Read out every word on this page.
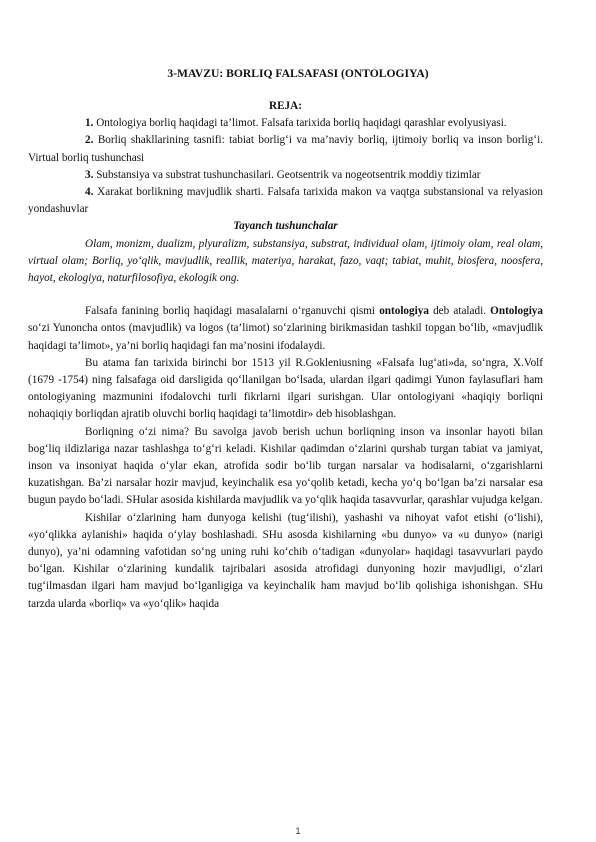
3-MAVZU: BORLIQ FALSAFASI (ONTOLOGIYA)
REJA:

1. Ontologiya borliq haqidagi ta’limot. Falsafa tarixida borliq haqidagi qarashlar evolyusiyasi.

2. Borliq shakllarining tasnifi: tabiat borlig‘i va ma’naviy borliq, ijtimoiy borliq va inson borlig‘i. Virtual borliq tushunchasi

3. Substansiya va substrat tushunchasilari. Geotsentrik va nogeotsentrik moddiy tizimlar

4. Xarakat borlikning mavjudlik sharti. Falsafa tarixida makon va vaqtga substansional va relyasion yondashuvlar

Tayanch tushunchalar

Olam, monizm, dualizm, plyuralizm, substansiya, substrat, individual olam, ijtimoiy olam, real olam, virtual olam; Borliq, yo‘qlik, mavjudlik, reallik, materiya, harakat, fazo, vaqt; tabiat, muhit, biosfera, noosfera, hayot, ekologiya, naturfilosofiya, ekologik ong.

Falsafa fanining borliq haqidagi masalalarni o‘rganuvchi qismi ontologiya deb ataladi. Ontologiya so‘zi Yunoncha ontos (mavjudlik) va logos (ta’limot) so‘zlarining birikmasidan tashkil topgan bo‘lib, «mavjudlik haqidagi ta’limot», ya’ni borliq haqidagi fan ma’nosini ifodalaydi.

Bu atama fan tarixida birinchi bor 1513 yil R.Gokleniusning «Falsafa lug‘ati»da, so‘ngra, X.Volf (1679 -1754) ning falsafaga oid darsligida qo‘llanilgan bo‘lsada, ulardan ilgari qadimgi Yunon faylasuflari ham ontologiyaning mazmunini ifodalovchi turli fikrlarni ilgari surishgan. Ular ontologiyani «haqiqiy borliqni nohaqiqiy borliqdan ajratib oluvchi borliq haqidagi ta’limotdir» deb hisoblashgan.

Borliqning o‘zi nima? Bu savolga javob berish uchun borliqning inson va insonlar hayoti bilan bog‘liq ildizlariga nazar tashlashga to‘g‘ri keladi. Kishilar qadimdan o‘zlarini qurshab turgan tabiat va jamiyat, inson va insoniyat haqida o‘ylar ekan, atrofida sodir bo‘lib turgan narsalar va hodisalarni, o‘zgarishlarni kuzatishgan. Ba’zi narsalar hozir mavjud, keyinchalik esa yo‘qolib ketadi, kecha yo‘q bo‘lgan ba’zi narsalar esa bugun paydo bo‘ladi. SHular asosida kishilarda mavjudlik va yo‘qlik haqida tasavvurlar, qarashlar vujudga kelgan.

Kishilar o‘zlarining ham dunyoga kelishi (tug‘ilishi), yashashi va nihoyat vafot etishi (o‘lishi), «yo‘qlikka aylanishi» haqida o‘ylay boshlashadi. SHu asosda kishilarning «bu dunyo» va «u dunyo» (narigi dunyo), ya’ni odamning vafotidan so‘ng uning ruhi ko‘chib o‘tadigan «dunyolar» haqidagi tasavvurlari paydo bo‘lgan. Kishilar o‘zlarining kundalik tajribalari asosida atrofidagi dunyoning hozir mavjudligi, o‘zlari tug‘ilmasdan ilgari ham mavjud bo‘lganligiga va keyinchalik ham mavjud bo‘lib qolishiga ishonishgan. SHu tarzda ularda «borliq» va «yo‘qlik» haqida

1
